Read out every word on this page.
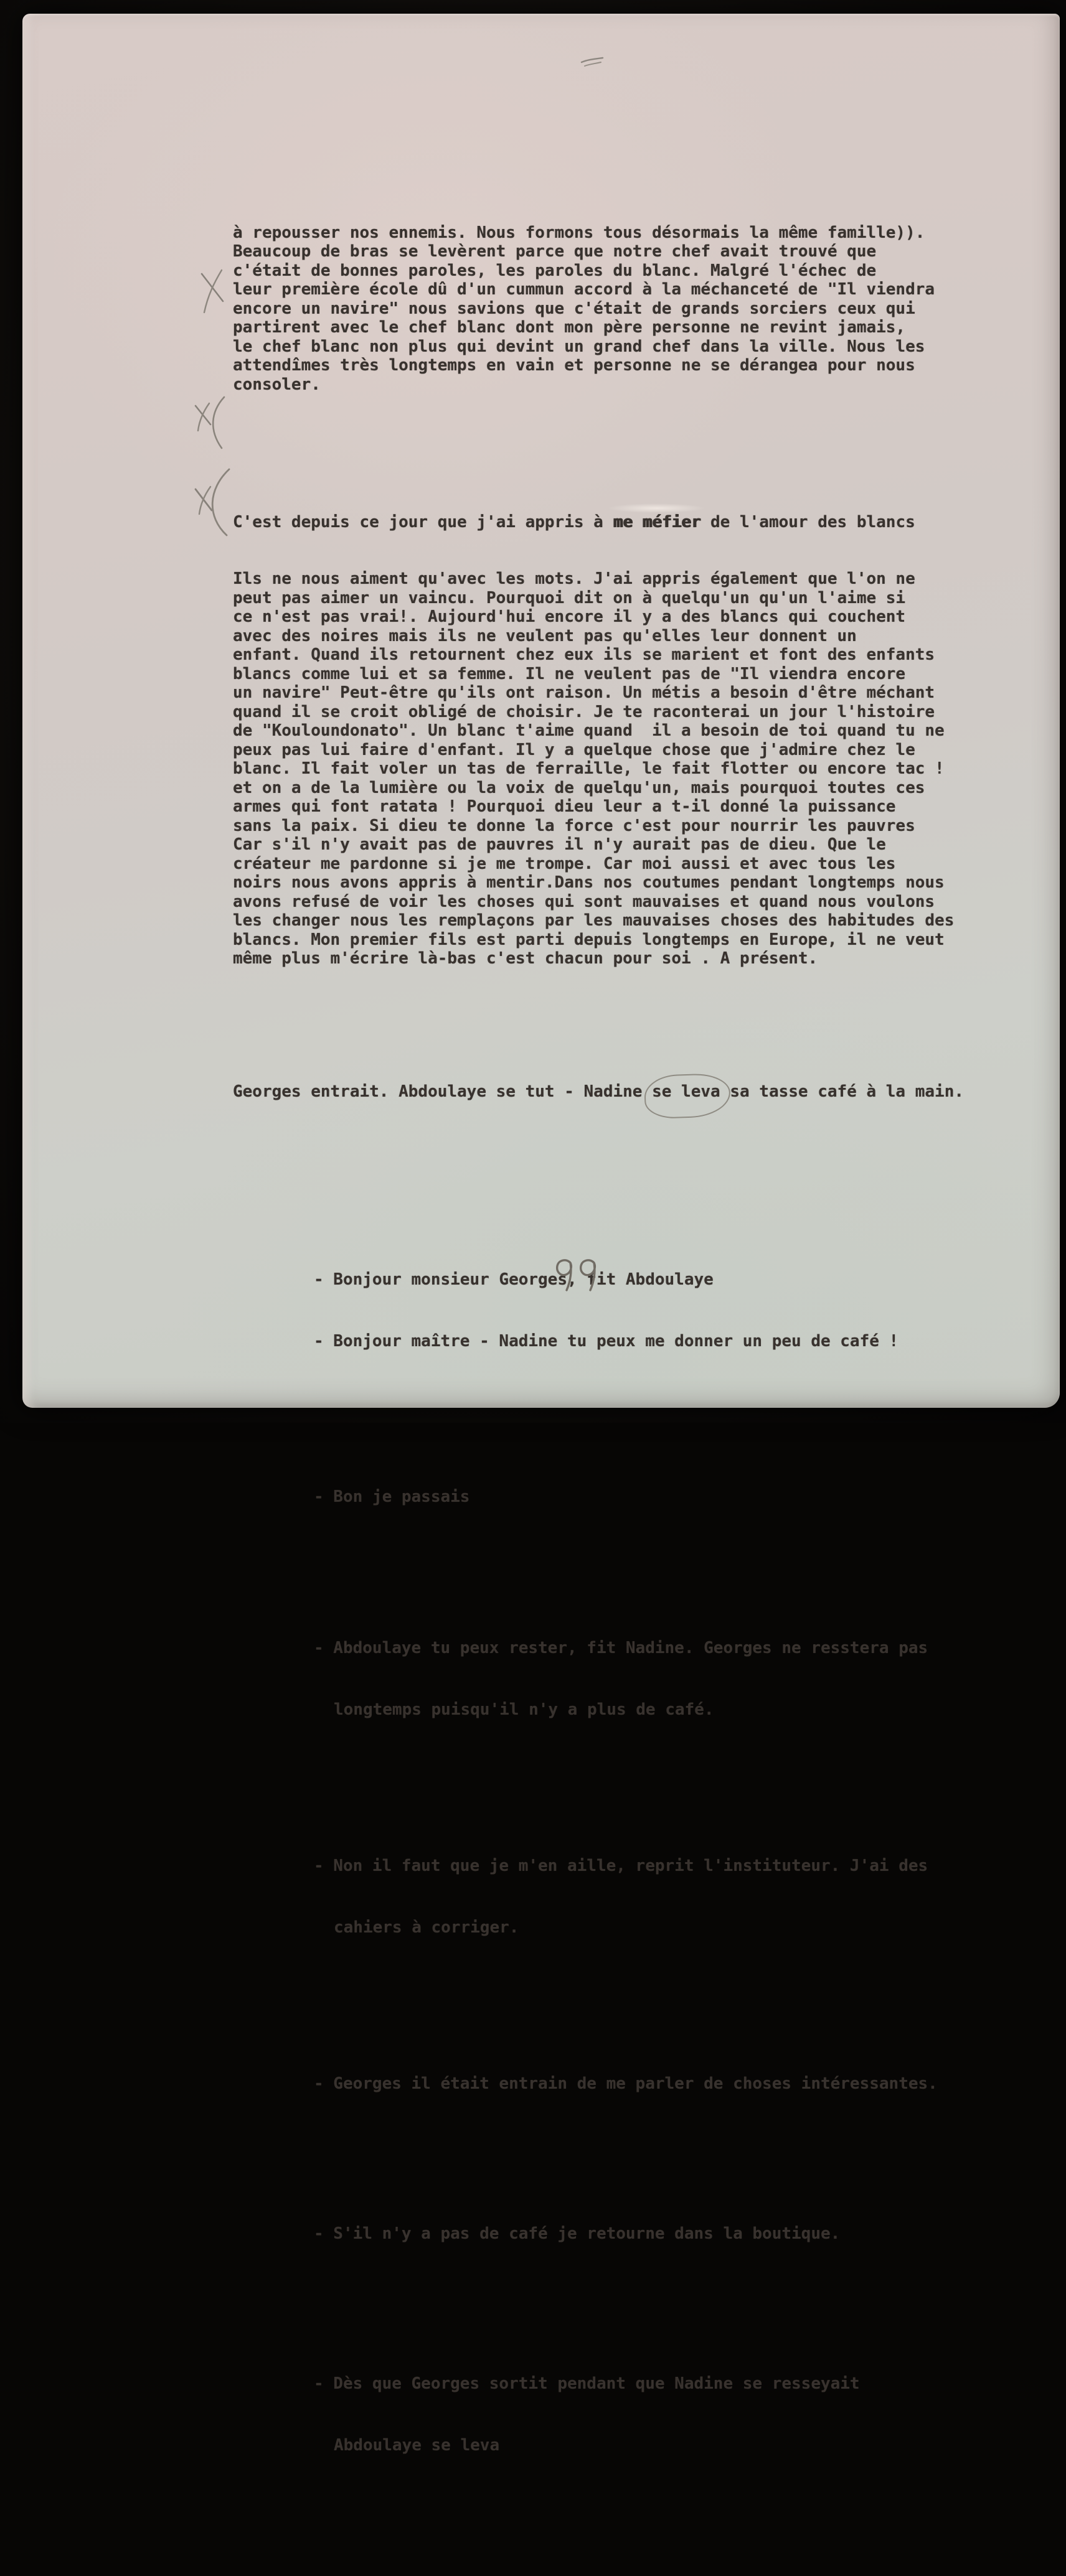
à repousser nos ennemis. Nous formons tous désormais la même famille)).
Beaucoup de bras se levèrent parce que notre chef avait trouvé que
c'était de bonnes paroles, les paroles du blanc. Malgré l'échec de
leur première école dû d'un cummun accord à la méchanceté de "Il viendra
encore un navire" nous savions que c'était de grands sorciers ceux qui
partirent avec le chef blanc dont mon père personne ne revint jamais,
le chef blanc non plus qui devint un grand chef dans la ville. Nous les
attendîmes très longtemps en vain et personne ne se dérangea pour nous
consoler.

C'est depuis ce jour que j'ai appris à me méfier de l'amour des blancs

Ils ne nous aiment qu'avec les mots. J'ai appris également que l'on ne
peut pas aimer un vaincu. Pourquoi dit on à quelqu'un qu'un l'aime si
ce n'est pas vrai!. Aujourd'hui encore il y a des blancs qui couchent
avec des noires mais ils ne veulent pas qu'elles leur donnent un
enfant. Quand ils retournent chez eux ils se marient et font des enfants
blancs comme lui et sa femme. Il ne veulent pas de "Il viendra encore
un navire" Peut-être qu'ils ont raison. Un métis a besoin d'être méchant
quand il se croit obligé de choisir. Je te raconterai un jour l'histoire
de "Kouloundonato". Un blanc t'aime quand  il a besoin de toi quand tu ne
peux pas lui faire d'enfant. Il y a quelque chose que j'admire chez le
blanc. Il fait voler un tas de ferraille, le fait flotter ou encore tac !
et on a de la lumière ou la voix de quelqu'un, mais pourquoi toutes ces
armes qui font ratata ! Pourquoi dieu leur a t-il donné la puissance
sans la paix. Si dieu te donne la force c'est pour nourrir les pauvres
Car s'il n'y avait pas de pauvres il n'y aurait pas de dieu. Que le
créateur me pardonne si je me trompe. Car moi aussi et avec tous les
noirs nous avons appris à mentir.Dans nos coutumes pendant longtemps nous
avons refusé de voir les choses qui sont mauvaises et quand nous voulons
les changer nous les remplaçons par les mauvaises choses des habitudes des
blancs. Mon premier fils est parti depuis longtemps en Europe, il ne veut
même plus m'écrire là-bas c'est chacun pour soi . A présent.

Georges entrait. Abdoulaye se tut - Nadine se leva sa tasse café à la main.

- Bonjour monsieur Georges, fit Abdoulaye

- Bonjour maître - Nadine tu peux me donner un peu de café !

- Bon je passais

- Abdoulaye tu peux rester, fit Nadine. Georges ne resstera pas

longtemps puisqu'il n'y a plus de café.

- Non il faut que je m'en aille, reprit l'instituteur. J'ai des

cahiers à corriger.

- Georges il était entrain de me parler de choses intéressantes.

- S'il n'y a pas de café je retourne dans la boutique.

- Dès que Georges sortit pendant que Nadine se resseyait

Abdoulaye se leva
